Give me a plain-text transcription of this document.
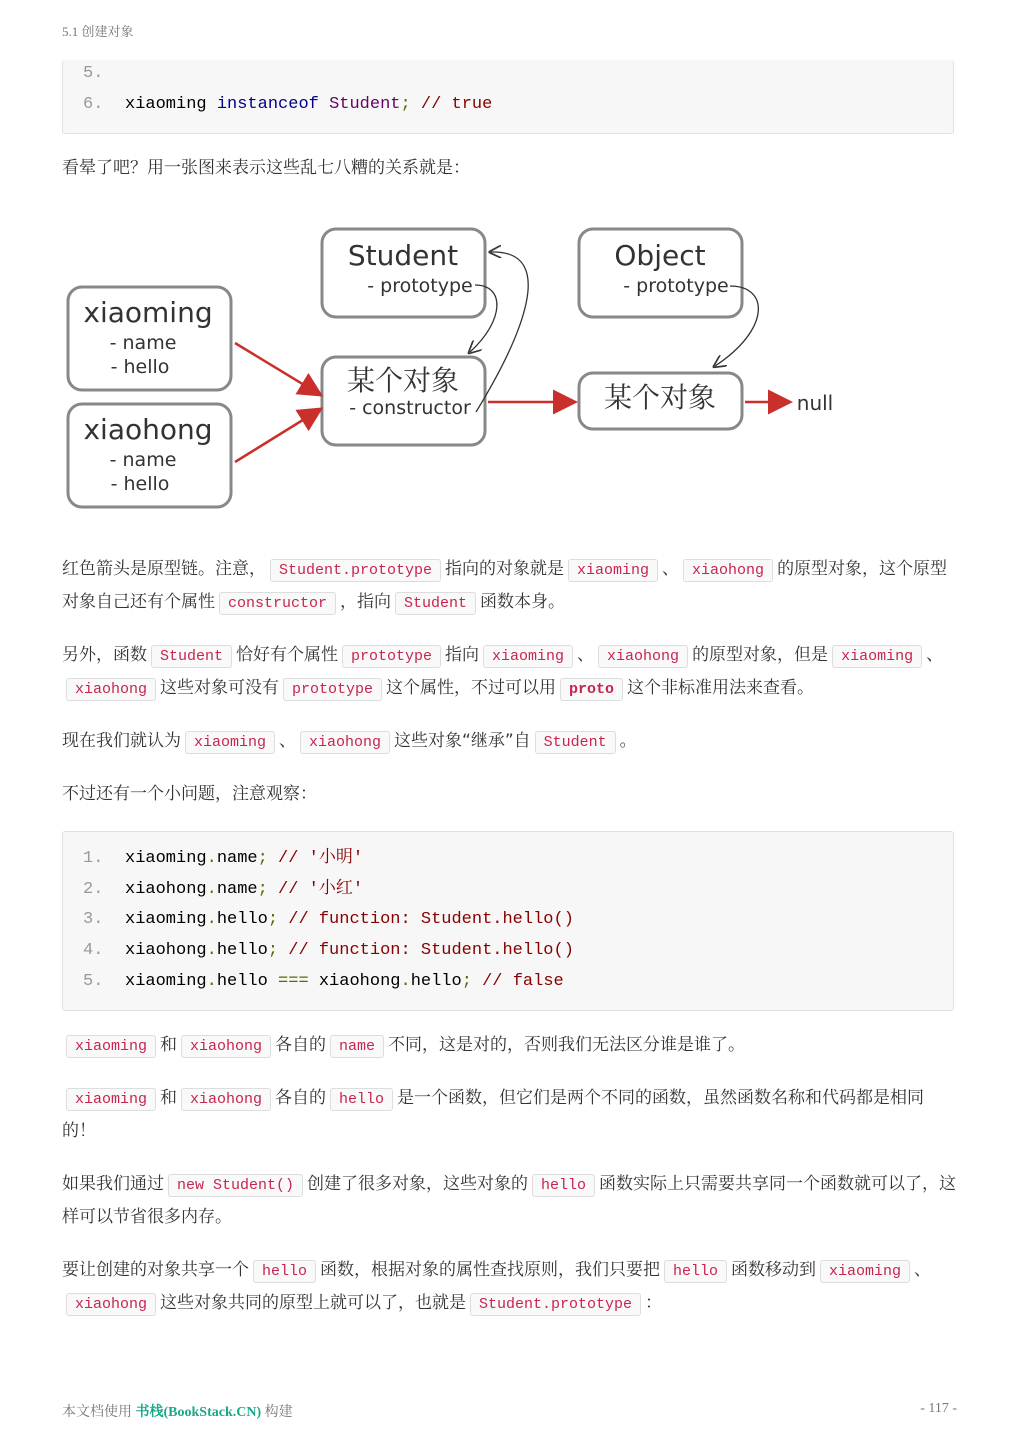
5.1 创建对象
5.
6. xiaoming instanceof Student; // true
看晕了吧？用一张图来表示这些乱七八糟的关系就是：
Student
- prototype
Object
- prototype
xiaoming
- name
- hello
xiaohong
- name
- hello
某个对象
- constructor	某个对象	null
红色箭头是原型链。注意， Student.prototype 指向的对象就是 xiaoming 、 xiaohong 的原型对象，这个原型对象自己还有个属性 constructor ，指向 Student 函数本身。
另外，函数 Student 恰好有个属性 prototype 指向 xiaoming 、 xiaohong 的原型对象，但是 xiaoming 、xiaohong 这些对象可没有 prototype 这个属性，不过可以用 proto 这个非标准用法来查看。
现在我们就认为 xiaoming 、 xiaohong 这些对象“继承”自 Student 。
不过还有一个小问题，注意观察：
1. xiaoming.name; // '小明'
2. xiaohong.name; // '小红'
3. xiaoming.hello; // function: Student.hello()
4. xiaohong.hello; // function: Student.hello()
5. xiaoming.hello === xiaohong.hello; // false
xiaoming 和 xiaohong 各自的 name 不同，这是对的，否则我们无法区分谁是谁了。
xiaoming 和 xiaohong 各自的 hello 是一个函数，但它们是两个不同的函数，虽然函数名称和代码都是相同的！
如果我们通过 new Student() 创建了很多对象，这些对象的 hello 函数实际上只需要共享同一个函数就可以了，这样可以节省很多内存。
要让创建的对象共享一个 hello 函数，根据对象的属性查找原则，我们只要把 hello 函数移动到 xiaoming 、xiaohong 这些对象共同的原型上就可以了，也就是 Student.prototype ：
本文档使用 书栈(BookStack.CN) 构建	- 117 -
